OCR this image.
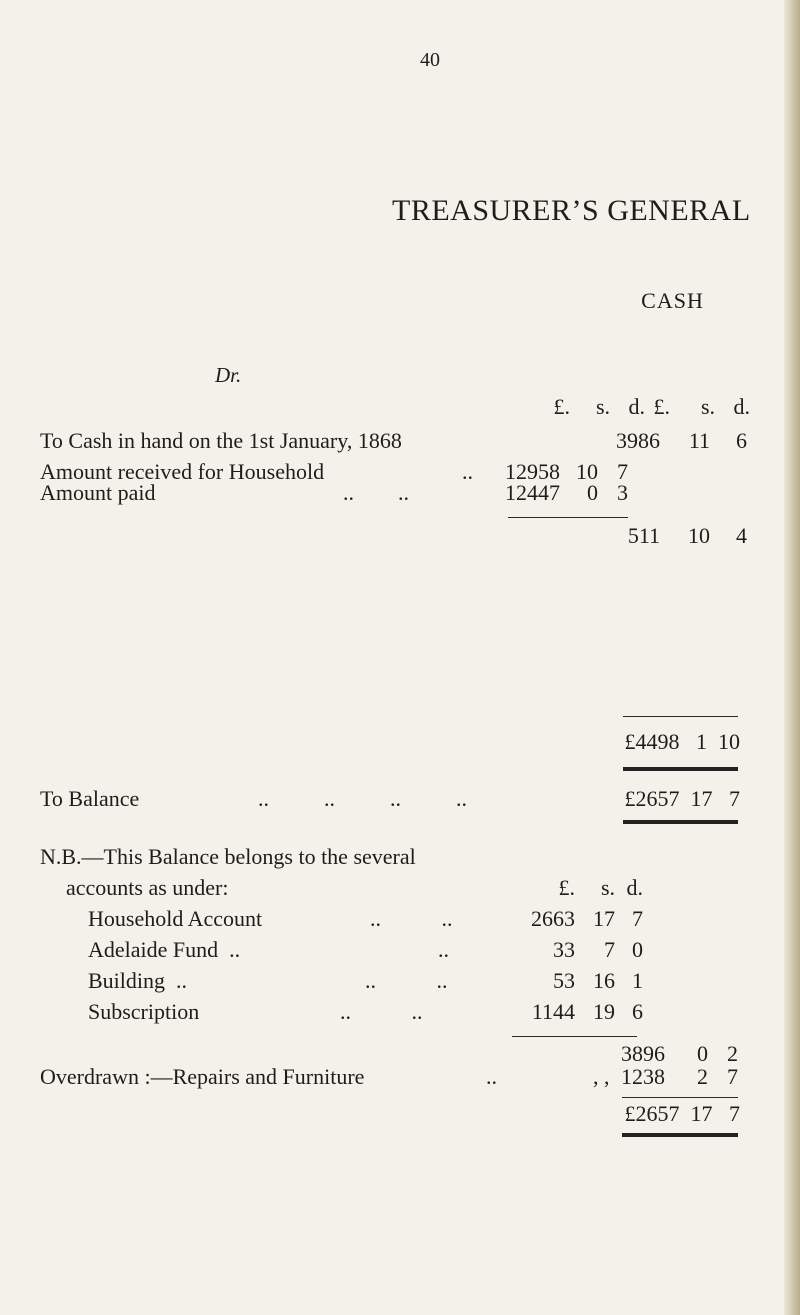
40
TREASURER’S GENERAL
CASH
Dr.
£.	s. d. £.	s. d.
To Cash in hand on the 1st January, 1868	3986	11	6
Amount received for Household	..	12958 10 7
Amount paid	..        ..	12447	0 3
511	10	4
£4498   1  10
To Balance	..          ..          ..          ..	£2657  17   7
N.B.—This Balance belongs to the several
accounts as under:	£.	s. d.
Household Account	..           ..	2663 17 7
Adelaide Fund  ..	..	33	7 0
Building  ..	..           ..	53 16 1
Subscription	..           ..	1144 19 6
3896	0 2
Overdrawn :—Repairs and Furniture	..	, , 1238	2 7
£2657  17   7
